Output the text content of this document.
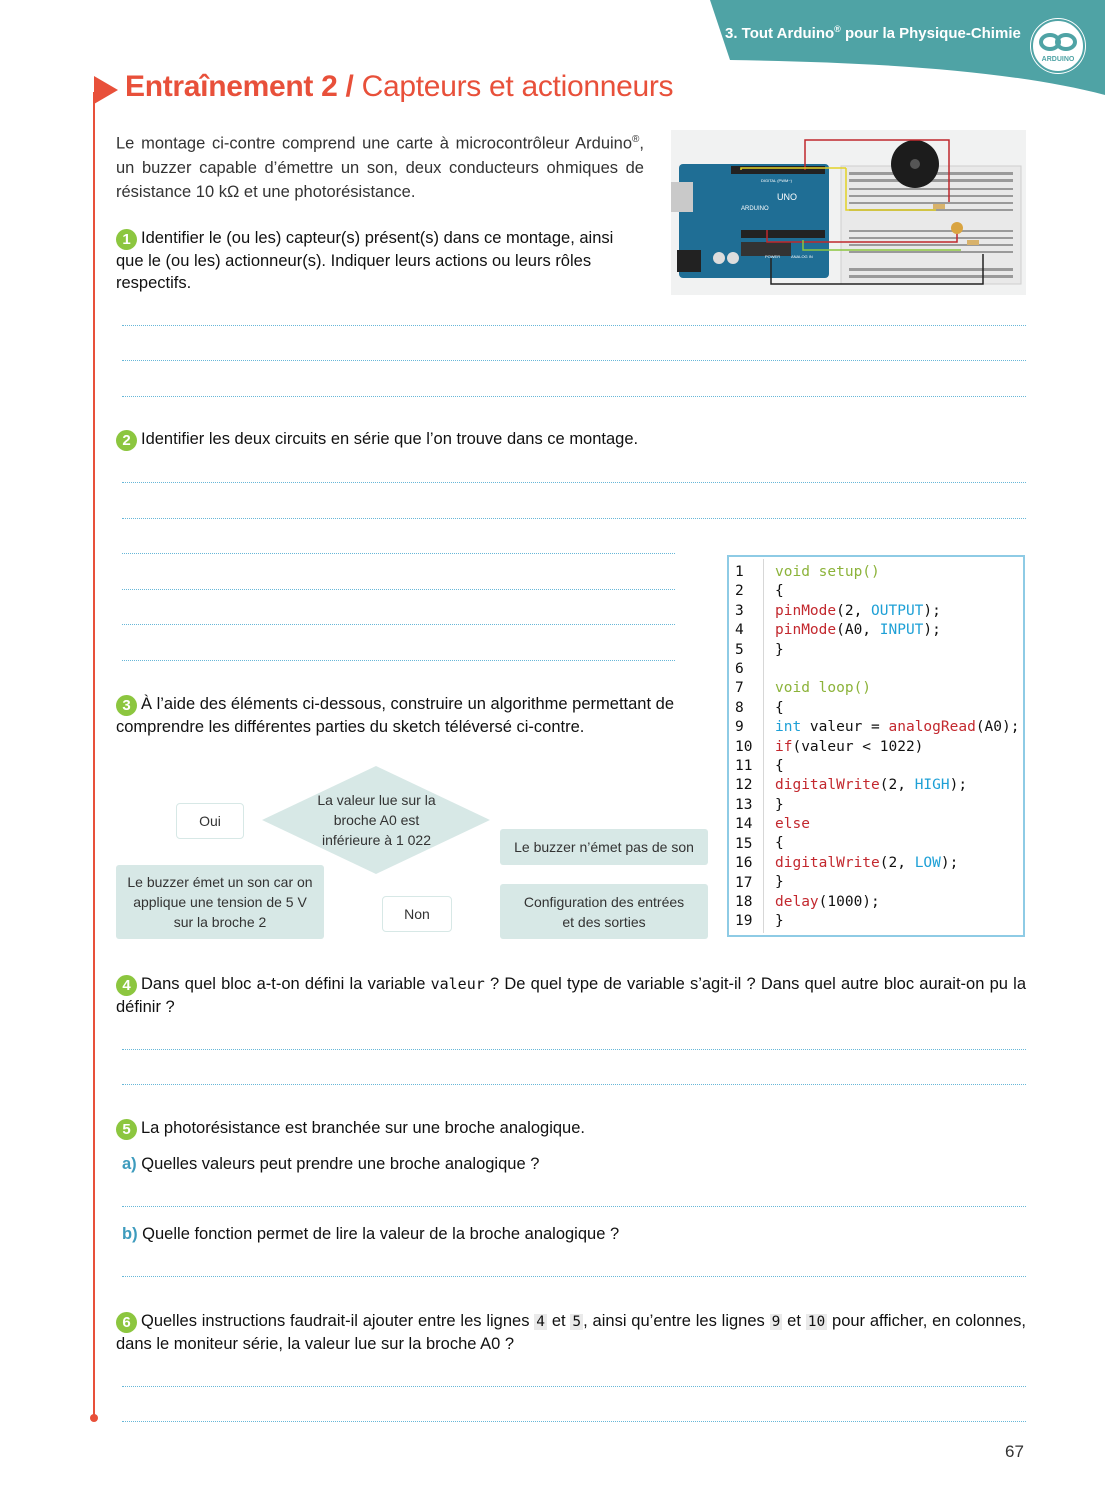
3. Tout Arduino® pour la Physique-Chimie
ARDUINO
Entraînement 2 / Capteurs et actionneurs
Le montage ci-contre comprend une carte à microcontrôleur Arduino®, un buzzer capable d’émettre un son, deux conducteurs ohmiques de résistance 10 kΩ et une photorésistance.	UNO
ARDUINO
DIGITAL (PWM~)
POWER	ANALOG IN
1 Identifier le (ou les) capteur(s) présent(s) dans ce montage, ainsi que le (ou les) actionneur(s). Indiquer leurs actions ou leurs rôles respectifs.
2 Identifier les deux circuits en série que l’on trouve dans ce montage.
1
2
3
4
5
6
7
8
9
10
11
12
13
14
15
16
17
18
19
void setup()
{
pinMode(2, OUTPUT);
pinMode(A0, INPUT);
}
void loop()
{
int valeur = analogRead(A0);
if(valeur < 1022)
{
digitalWrite(2, HIGH);
}
else
{
digitalWrite(2, LOW);
}
delay(1000);
}
3 À l’aide des éléments ci-dessous, construire un algorithme permettant de comprendre les différentes parties du sketch téléversé ci-contre.
La valeur lue sur la broche A0 est inférieure à 1 022
Oui
Non
Le buzzer n’émet pas de son
Le buzzer émet un son car on applique une tension de 5 V sur la broche 2
Configuration des entrées et des sorties
4 Dans quel bloc a-t-on défini la variable valeur ? De quel type de variable s’agit-il ? Dans quel autre bloc aurait-on pu la définir ?
5 La photorésistance est branchée sur une broche analogique.
a) Quelles valeurs peut prendre une broche analogique ?
b) Quelle fonction permet de lire la valeur de la broche analogique ?
6 Quelles instructions faudrait-il ajouter entre les lignes 4 et 5 , ainsi qu’entre les lignes 9 et 10 pour afficher, en colonnes, dans le moniteur série, la valeur lue sur la broche A0 ?
67
